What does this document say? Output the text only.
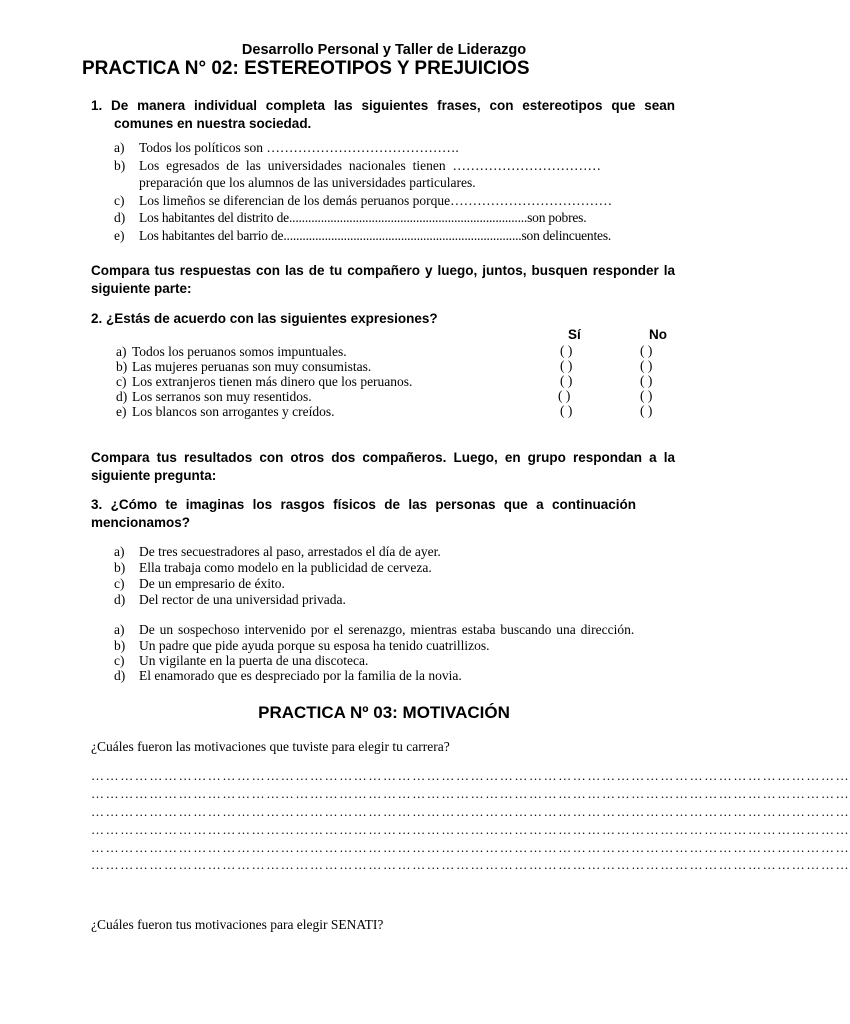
Desarrollo Personal y Taller de Liderazgo
PRACTICA N° 02: ESTEREOTIPOS Y PREJUICIOS
1. De manera individual completa las siguientes frases, con estereotipos que sean comunes en nuestra sociedad.
a) Todos los políticos son …………………………………….
b) Los egresados de las universidades nacionales tienen ……………………………
preparación que los alumnos de las universidades particulares.
c) Los limeños se diferencian de los demás peruanos porque………………………………
d) Los habitantes del distrito de...........................................................................son pobres.
e) Los habitantes del barrio de...........................................................................son delincuentes.
Compara tus respuestas con las de tu compañero y luego, juntos, busquen responder la siguiente parte:
2. ¿Estás de acuerdo con las siguientes expresiones?
Sí	No
a) Todos los peruanos somos impuntuales.	( )	( )
b) Las mujeres peruanas son muy consumistas.	( )	( )
c) Los extranjeros tienen más dinero que los peruanos.	( )	( )
d) Los serranos son muy resentidos.	( )	( )
e) Los blancos son arrogantes y creídos.	( )	( )
Compara tus resultados con otros dos compañeros. Luego, en grupo respondan a la siguiente pregunta:
3. ¿Cómo te imaginas los rasgos físicos de las personas que a continuación mencionamos?
a) De tres secuestradores al paso, arrestados el día de ayer.
b) Ella trabaja como modelo en la publicidad de cerveza.
c) De un empresario de éxito.
d) Del rector de una universidad privada.
a) De un sospechoso intervenido por el serenazgo, mientras estaba buscando una dirección.
b) Un padre que pide ayuda porque su esposa ha tenido cuatrillizos.
c) Un vigilante en la puerta de una discoteca.
d) El enamorado que es despreciado por la familia de la novia.
PRACTICA Nº 03: MOTIVACIÓN
¿Cuáles fueron las motivaciones que tuviste para elegir tu carrera?
…………………………………………………………………………………………………………………………………………
…………………………………………………………………………………………………………………………………………
…………………………………………………………………………………………………………………………………………
…………………………………………………………………………………………………………………………………………
…………………………………………………………………………………………………………………………………………
…………………………………………………………………………………………………………………………………………
¿Cuáles fueron tus motivaciones para elegir SENATI?
